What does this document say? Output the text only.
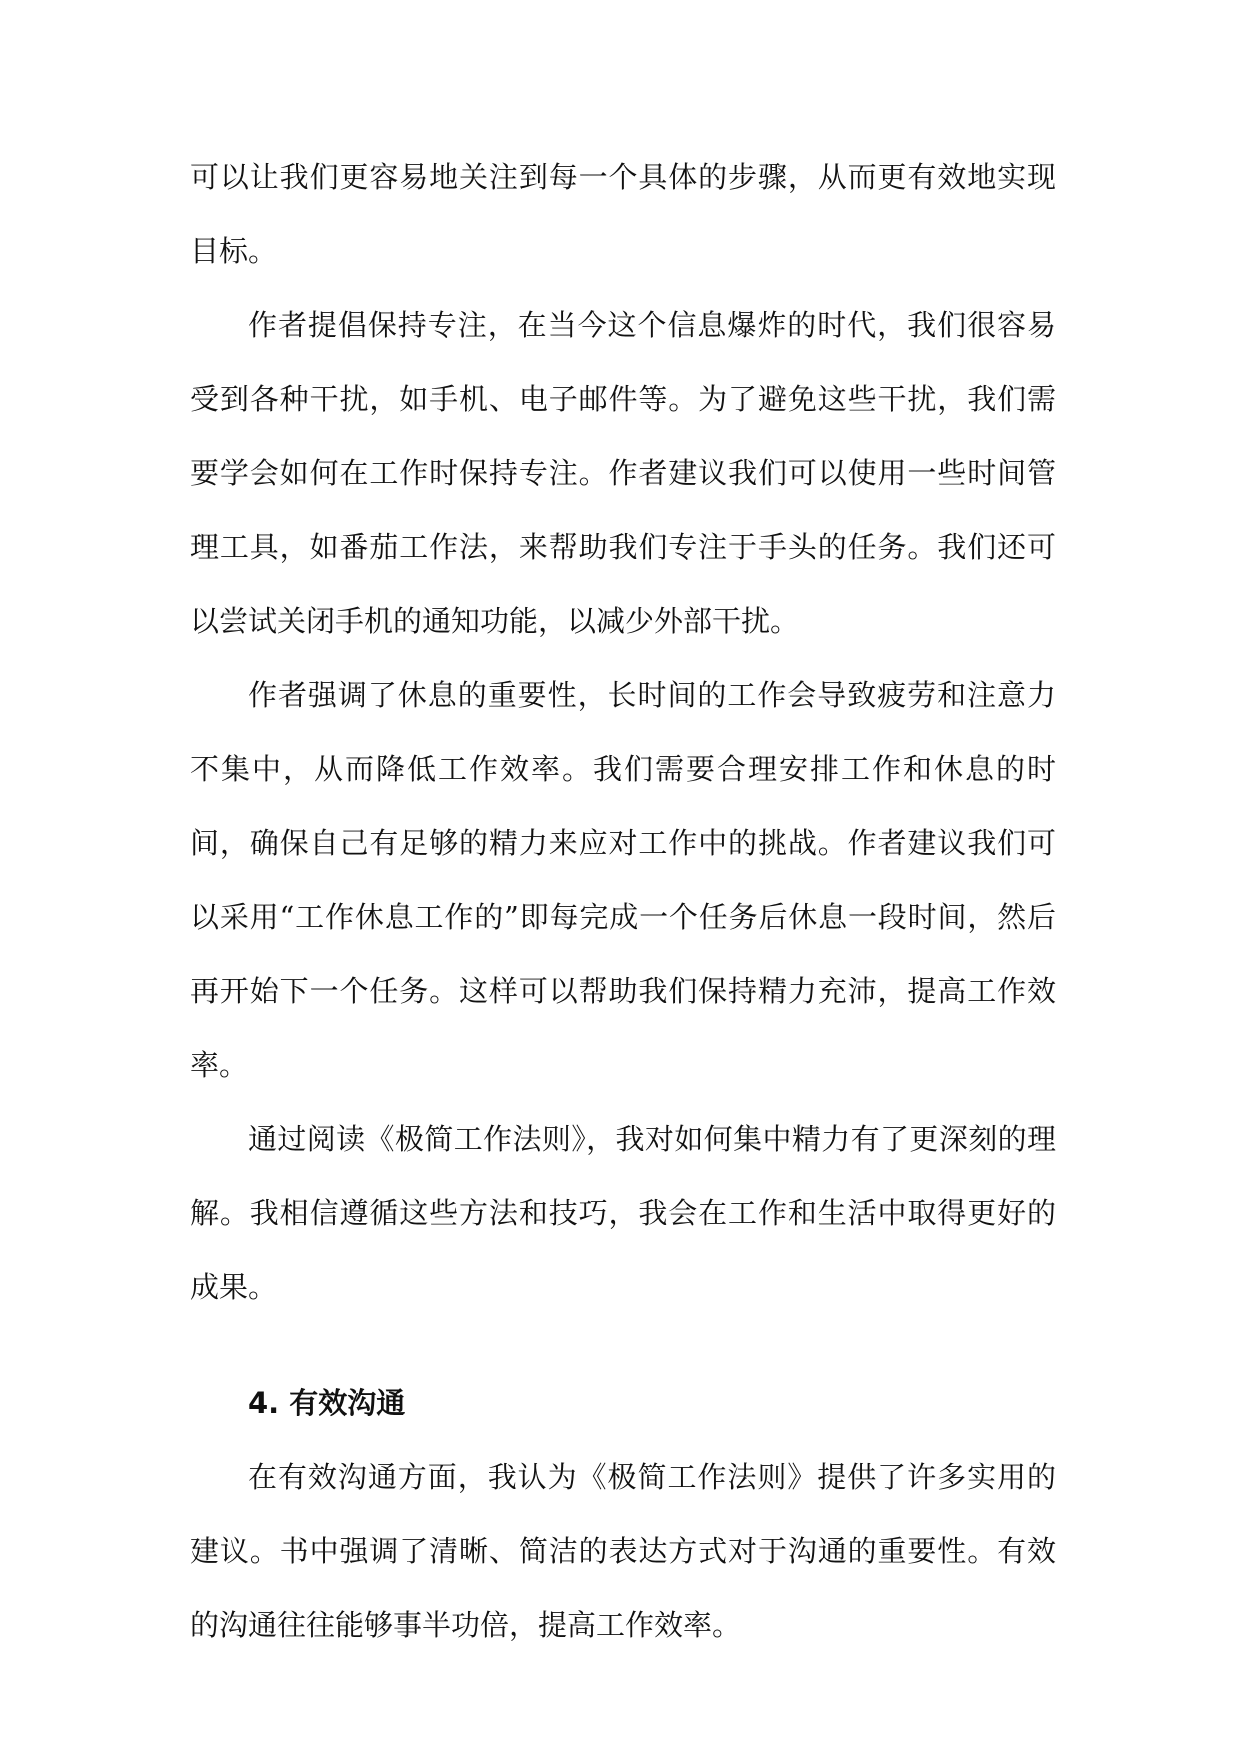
可以让我们更容易地关注到每一个具体的步骤，从而更有效地实现目标。

作者提倡保持专注，在当今这个信息爆炸的时代，我们很容易受到各种干扰，如手机、电子邮件等。为了避免这些干扰，我们需要学会如何在工作时保持专注。作者建议我们可以使用一些时间管理工具，如番茄工作法，来帮助我们专注于手头的任务。我们还可以尝试关闭手机的通知功能，以减少外部干扰。

作者强调了休息的重要性，长时间的工作会导致疲劳和注意力不集中，从而降低工作效率。我们需要合理安排工作和休息的时间，确保自己有足够的精力来应对工作中的挑战。作者建议我们可以采用“工作休息工作的”即每完成一个任务后休息一段时间，然后再开始下一个任务。这样可以帮助我们保持精力充沛，提高工作效率。

通过阅读《极简工作法则》，我对如何集中精力有了更深刻的理解。我相信遵循这些方法和技巧，我会在工作和生活中取得更好的成果。

4. 有效沟通

在有效沟通方面，我认为《极简工作法则》提供了许多实用的建议。书中强调了清晰、简洁的表达方式对于沟通的重要性。有效的沟通往往能够事半功倍，提高工作效率。
